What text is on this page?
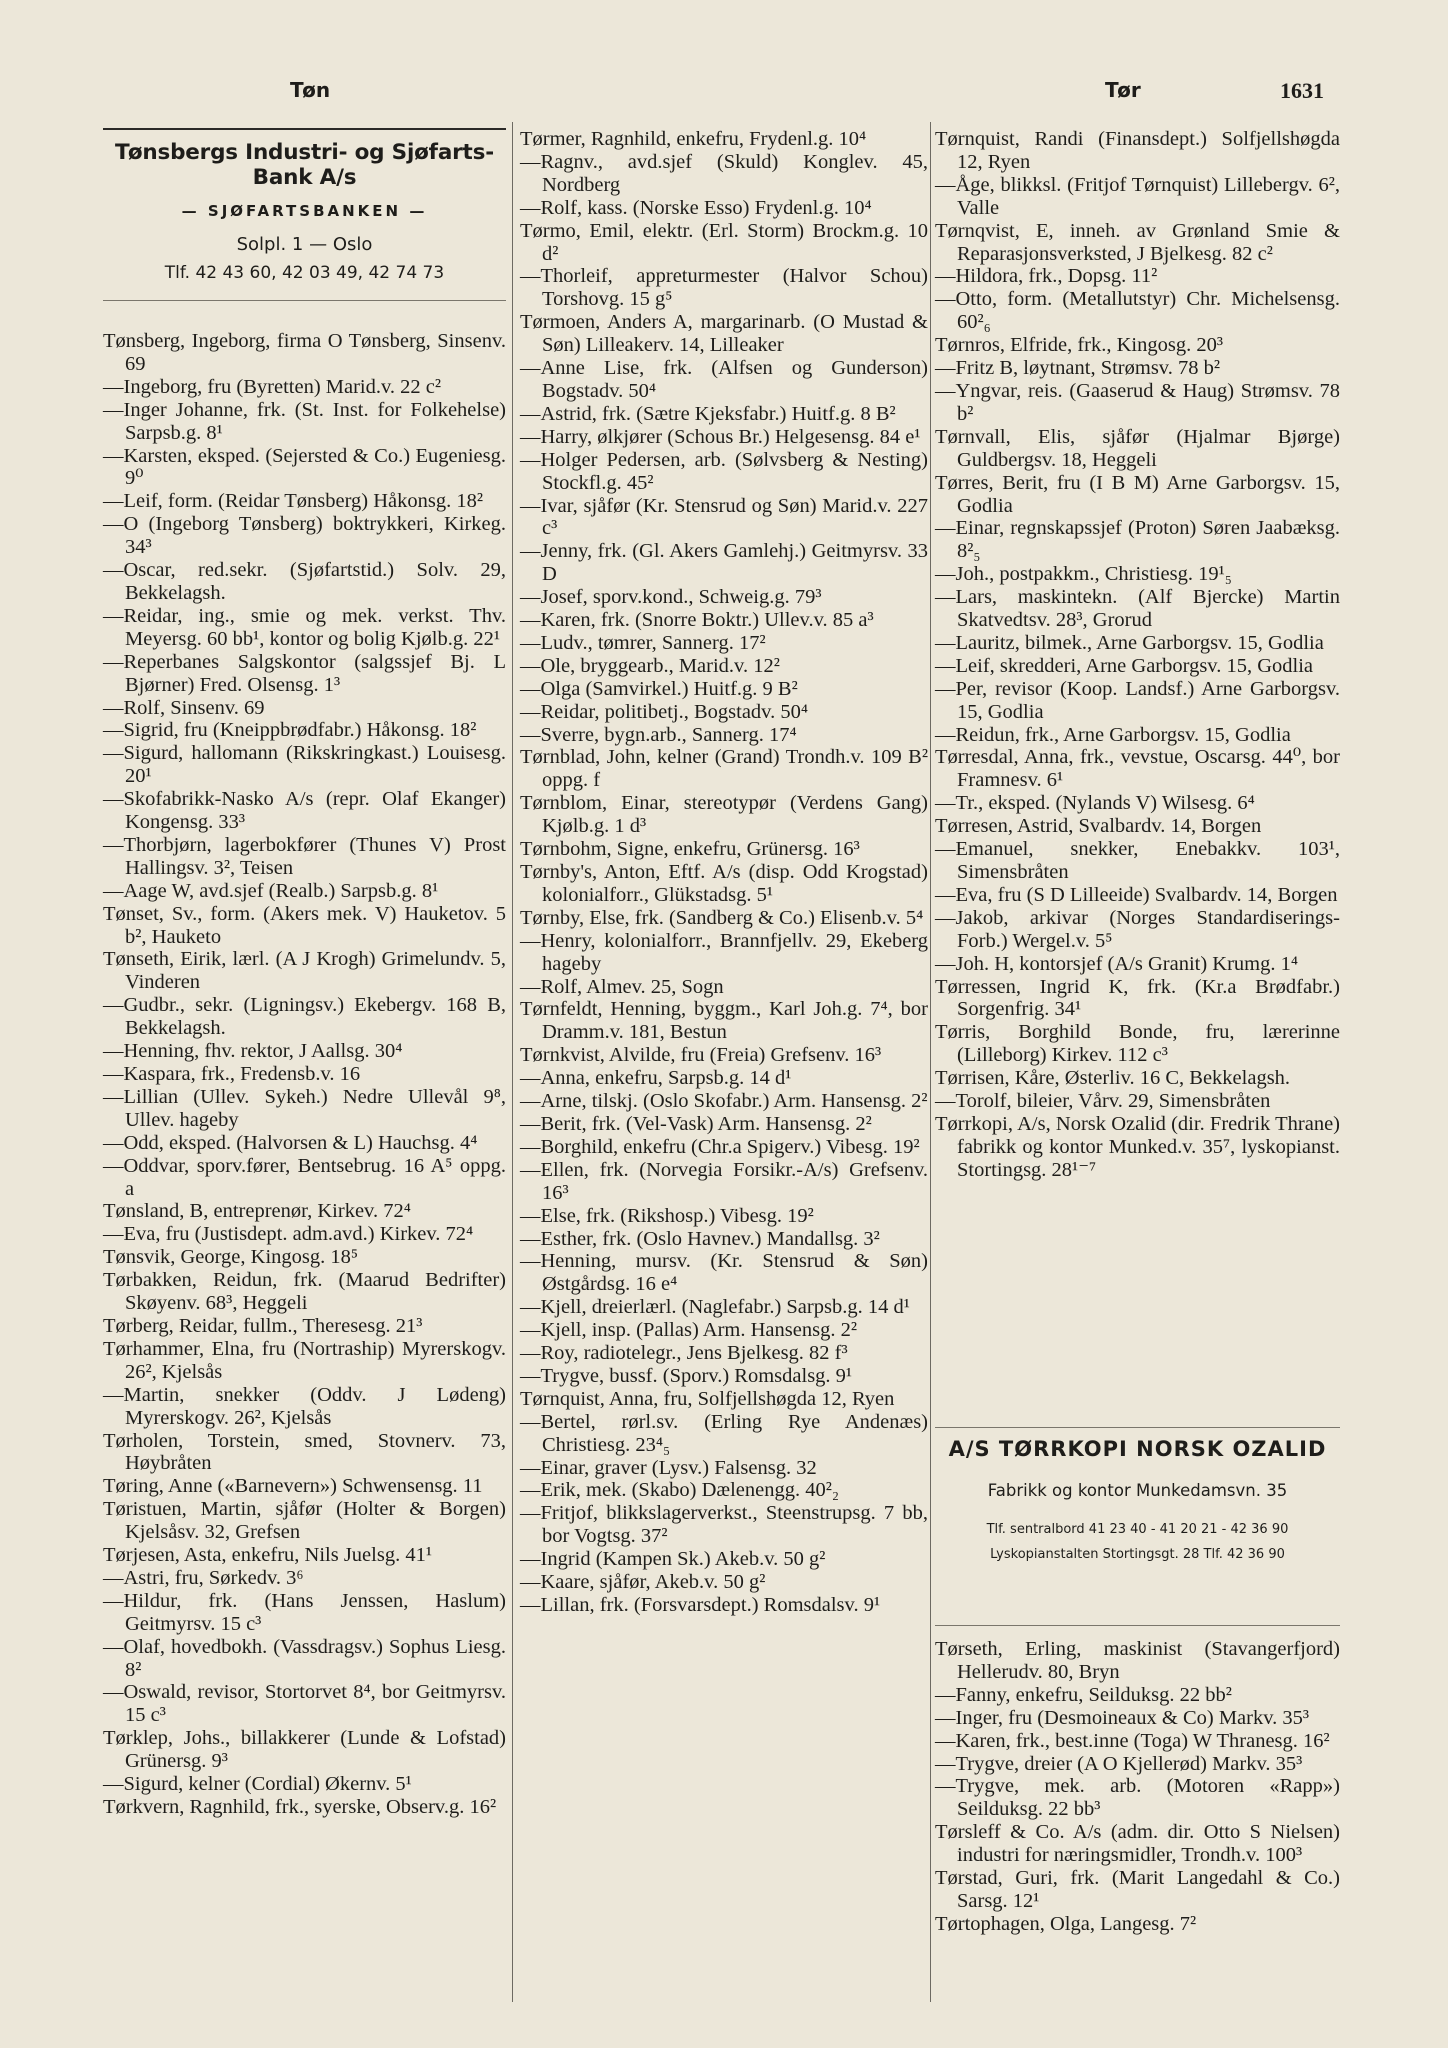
Tøn	Tør	1631
Tønsbergs Industri- og Sjøfarts-Bank A/s
— SJØFARTSBANKEN —
Solpl. 1 — Oslo
Tlf. 42 43 60, 42 03 49, 42 74 73

Tønsberg, Ingeborg, firma O Tønsberg, Sinsenv. 69

—Ingeborg, fru (Byretten) Marid.v. 22 c²

—Inger Johanne, frk. (St. Inst. for Folkehelse) Sarpsb.g. 8¹

—Karsten, eksped. (Sejersted & Co.) Eugeniesg. 9⁰

—Leif, form. (Reidar Tønsberg) Håkonsg. 18²

—O (Ingeborg Tønsberg) boktrykkeri, Kirkeg. 34³

—Oscar, red.sekr. (Sjøfartstid.) Solv. 29, Bekkelagsh.

—Reidar, ing., smie og mek. verkst. Thv. Meyersg. 60 bb¹, kontor og bolig Kjølb.g. 22¹

—Reperbanes Salgskontor (salgssjef Bj. L Bjørner) Fred. Olsensg. 1³

—Rolf, Sinsenv. 69

—Sigrid, fru (Kneippbrødfabr.) Håkonsg. 18²

—Sigurd, hallomann (Rikskringkast.) Louisesg. 20¹

—Skofabrikk-Nasko A/s (repr. Olaf Ekanger) Kongensg. 33³

—Thorbjørn, lagerbokfører (Thunes V) Prost Hallingsv. 3², Teisen

—Aage W, avd.sjef (Realb.) Sarpsb.g. 8¹

Tønset, Sv., form. (Akers mek. V) Hauketov. 5 b², Hauketo

Tønseth, Eirik, lærl. (A J Krogh) Grimelundv. 5, Vinderen

—Gudbr., sekr. (Ligningsv.) Ekebergv. 168 B, Bekkelagsh.

—Henning, fhv. rektor, J Aallsg. 30⁴

—Kaspara, frk., Fredensb.v. 16

—Lillian (Ullev. Sykeh.) Nedre Ullevål 9⁸, Ullev. hageby

—Odd, eksped. (Halvorsen & L) Hauchsg. 4⁴

—Oddvar, sporv.fører, Bentsebrug. 16 A⁵ oppg. a

Tønsland, B, entreprenør, Kirkev. 72⁴

—Eva, fru (Justisdept. adm.avd.) Kirkev. 72⁴

Tønsvik, George, Kingosg. 18⁵

Tørbakken, Reidun, frk. (Maarud Bedrifter) Skøyenv. 68³, Heggeli

Tørberg, Reidar, fullm., Theresesg. 21³

Tørhammer, Elna, fru (Nortraship) Myrerskogv. 26², Kjelsås

—Martin, snekker (Oddv. J Lødeng) Myrerskogv. 26², Kjelsås

Tørholen, Torstein, smed, Stovnerv. 73, Høybråten

Tøring, Anne («Barnevern») Schwensensg. 11

Tøristuen, Martin, sjåfør (Holter & Borgen) Kjelsåsv. 32, Grefsen

Tørjesen, Asta, enkefru, Nils Juelsg. 41¹

—Astri, fru, Sørkedv. 3⁶

—Hildur, frk. (Hans Jenssen, Haslum) Geitmyrsv. 15 c³

—Olaf, hovedbokh. (Vassdragsv.) Sophus Liesg. 8²

—Oswald, revisor, Stortorvet 8⁴, bor Geitmyrsv. 15 c³

Tørklep, Johs., billakkerer (Lunde & Lofstad) Grünersg. 9³

—Sigurd, kelner (Cordial) Økernv. 5¹

Tørkvern, Ragnhild, frk., syerske, Observ.g. 16²

Tørmer, Ragnhild, enkefru, Frydenl.g. 10⁴

—Ragnv., avd.sjef (Skuld) Konglev. 45, Nordberg

—Rolf, kass. (Norske Esso) Frydenl.g. 10⁴

Tørmo, Emil, elektr. (Erl. Storm) Brockm.g. 10 d²

—Thorleif, appreturmester (Halvor Schou) Torshovg. 15 g⁵

Tørmoen, Anders A, margarinarb. (O Mustad & Søn) Lilleakerv. 14, Lilleaker

—Anne Lise, frk. (Alfsen og Gunderson) Bogstadv. 50⁴

—Astrid, frk. (Sætre Kjeksfabr.) Huitf.g. 8 B²

—Harry, ølkjører (Schous Br.) Helgesensg. 84 e¹

—Holger Pedersen, arb. (Sølvsberg & Nesting) Stockfl.g. 45²

—Ivar, sjåfør (Kr. Stensrud og Søn) Marid.v. 227 c³

—Jenny, frk. (Gl. Akers Gamlehj.) Geitmyrsv. 33 D

—Josef, sporv.kond., Schweig.g. 79³

—Karen, frk. (Snorre Boktr.) Ullev.v. 85 a³

—Ludv., tømrer, Sannerg. 17²

—Ole, bryggearb., Marid.v. 12²

—Olga (Samvirkel.) Huitf.g. 9 B²

—Reidar, politibetj., Bogstadv. 50⁴

—Sverre, bygn.arb., Sannerg. 17⁴

Tørnblad, John, kelner (Grand) Trondh.v. 109 B² oppg. f

Tørnblom, Einar, stereotypør (Verdens Gang) Kjølb.g. 1 d³

Tørnbohm, Signe, enkefru, Grünersg. 16³

Tørnby's, Anton, Eftf. A/s (disp. Odd Krogstad) kolonialforr., Glükstadsg. 5¹

Tørnby, Else, frk. (Sandberg & Co.) Elisenb.v. 5⁴

—Henry, kolonialforr., Brannfjellv. 29, Ekeberg hageby

—Rolf, Almev. 25, Sogn

Tørnfeldt, Henning, byggm., Karl Joh.g. 7⁴, bor Dramm.v. 181, Bestun

Tørnkvist, Alvilde, fru (Freia) Grefsenv. 16³

—Anna, enkefru, Sarpsb.g. 14 d¹

—Arne, tilskj. (Oslo Skofabr.) Arm. Hansensg. 2²

—Berit, frk. (Vel-Vask) Arm. Hansensg. 2²

—Borghild, enkefru (Chr.a Spigerv.) Vibesg. 19²

—Ellen, frk. (Norvegia Forsikr.-A/s) Grefsenv. 16³

—Else, frk. (Rikshosp.) Vibesg. 19²

—Esther, frk. (Oslo Havnev.) Mandallsg. 3²

—Henning, mursv. (Kr. Stensrud & Søn) Østgårdsg. 16 e⁴

—Kjell, dreierlærl. (Naglefabr.) Sarpsb.g. 14 d¹

—Kjell, insp. (Pallas) Arm. Hansensg. 2²

—Roy, radiotelegr., Jens Bjelkesg. 82 f³

—Trygve, bussf. (Sporv.) Romsdalsg. 9¹

Tørnquist, Anna, fru, Solfjellshøgda 12, Ryen

—Bertel, rørl.sv. (Erling Rye Andenæs) Christiesg. 23⁴₅

—Einar, graver (Lysv.) Falsensg. 32

—Erik, mek. (Skabo) Dælenengg. 40²₂

—Fritjof, blikkslagerverkst., Steenstrupsg. 7 bb, bor Vogtsg. 37²

—Ingrid (Kampen Sk.) Akeb.v. 50 g²

—Kaare, sjåfør, Akeb.v. 50 g²

—Lillan, frk. (Forsvarsdept.) Romsdalsv. 9¹

Tørnquist, Randi (Finansdept.) Solfjellshøgda 12, Ryen

—Åge, blikksl. (Fritjof Tørnquist) Lillebergv. 6², Valle

Tørnqvist, E, inneh. av Grønland Smie & Reparasjonsverksted, J Bjelkesg. 82 c²

—Hildora, frk., Dopsg. 11²

—Otto, form. (Metallutstyr) Chr. Michelsensg. 60²₆

Tørnros, Elfride, frk., Kingosg. 20³

—Fritz B, løytnant, Strømsv. 78 b²

—Yngvar, reis. (Gaaserud & Haug) Strømsv. 78 b²

Tørnvall, Elis, sjåfør (Hjalmar Bjørge) Guldbergsv. 18, Heggeli

Tørres, Berit, fru (I B M) Arne Garborgsv. 15, Godlia

—Einar, regnskapssjef (Proton) Søren Jaabæksg. 8²₅

—Joh., postpakkm., Christiesg. 19¹₅

—Lars, maskintekn. (Alf Bjercke) Martin Skatvedtsv. 28³, Grorud

—Lauritz, bilmek., Arne Garborgsv. 15, Godlia

—Leif, skredderi, Arne Garborgsv. 15, Godlia

—Per, revisor (Koop. Landsf.) Arne Garborgsv. 15, Godlia

—Reidun, frk., Arne Garborgsv. 15, Godlia

Tørresdal, Anna, frk., vevstue, Oscarsg. 44⁰, bor Framnesv. 6¹

—Tr., eksped. (Nylands V) Wilsesg. 6⁴

Tørresen, Astrid, Svalbardv. 14, Borgen

—Emanuel, snekker, Enebakkv. 103¹, Simensbråten

—Eva, fru (S D Lilleeide) Svalbardv. 14, Borgen

—Jakob, arkivar (Norges Standardiserings-Forb.) Wergel.v. 5⁵

—Joh. H, kontorsjef (A/s Granit) Krumg. 1⁴

Tørressen, Ingrid K, frk. (Kr.a Brødfabr.) Sorgenfrig. 34¹

Tørris, Borghild Bonde, fru, lærerinne (Lilleborg) Kirkev. 112 c³

Tørrisen, Kåre, Østerliv. 16 C, Bekkelagsh.

—Torolf, bileier, Vårv. 29, Simensbråten

Tørrkopi, A/s, Norsk Ozalid (dir. Fredrik Thrane) fabrikk og kontor Munked.v. 35⁷, lyskopianst. Stortingsg. 28¹⁻⁷

A/S TØRRKOPI NORSK OZALID
Fabrikk og kontor Munkedamsvn. 35
Tlf. sentralbord 41 23 40 - 41 20 21 - 42 36 90
Lyskopianstalten Stortingsgt. 28 Tlf. 42 36 90

Tørseth, Erling, maskinist (Stavangerfjord) Hellerudv. 80, Bryn

—Fanny, enkefru, Seilduksg. 22 bb²

—Inger, fru (Desmoineaux & Co) Markv. 35³

—Karen, frk., best.inne (Toga) W Thranesg. 16²

—Trygve, dreier (A O Kjellerød) Markv. 35³

—Trygve, mek. arb. (Motoren «Rapp») Seilduksg. 22 bb³

Tørsleff & Co. A/s (adm. dir. Otto S Nielsen) industri for næringsmidler, Trondh.v. 100³

Tørstad, Guri, frk. (Marit Langedahl & Co.) Sarsg. 12¹

Tørtophagen, Olga, Langesg. 7²
